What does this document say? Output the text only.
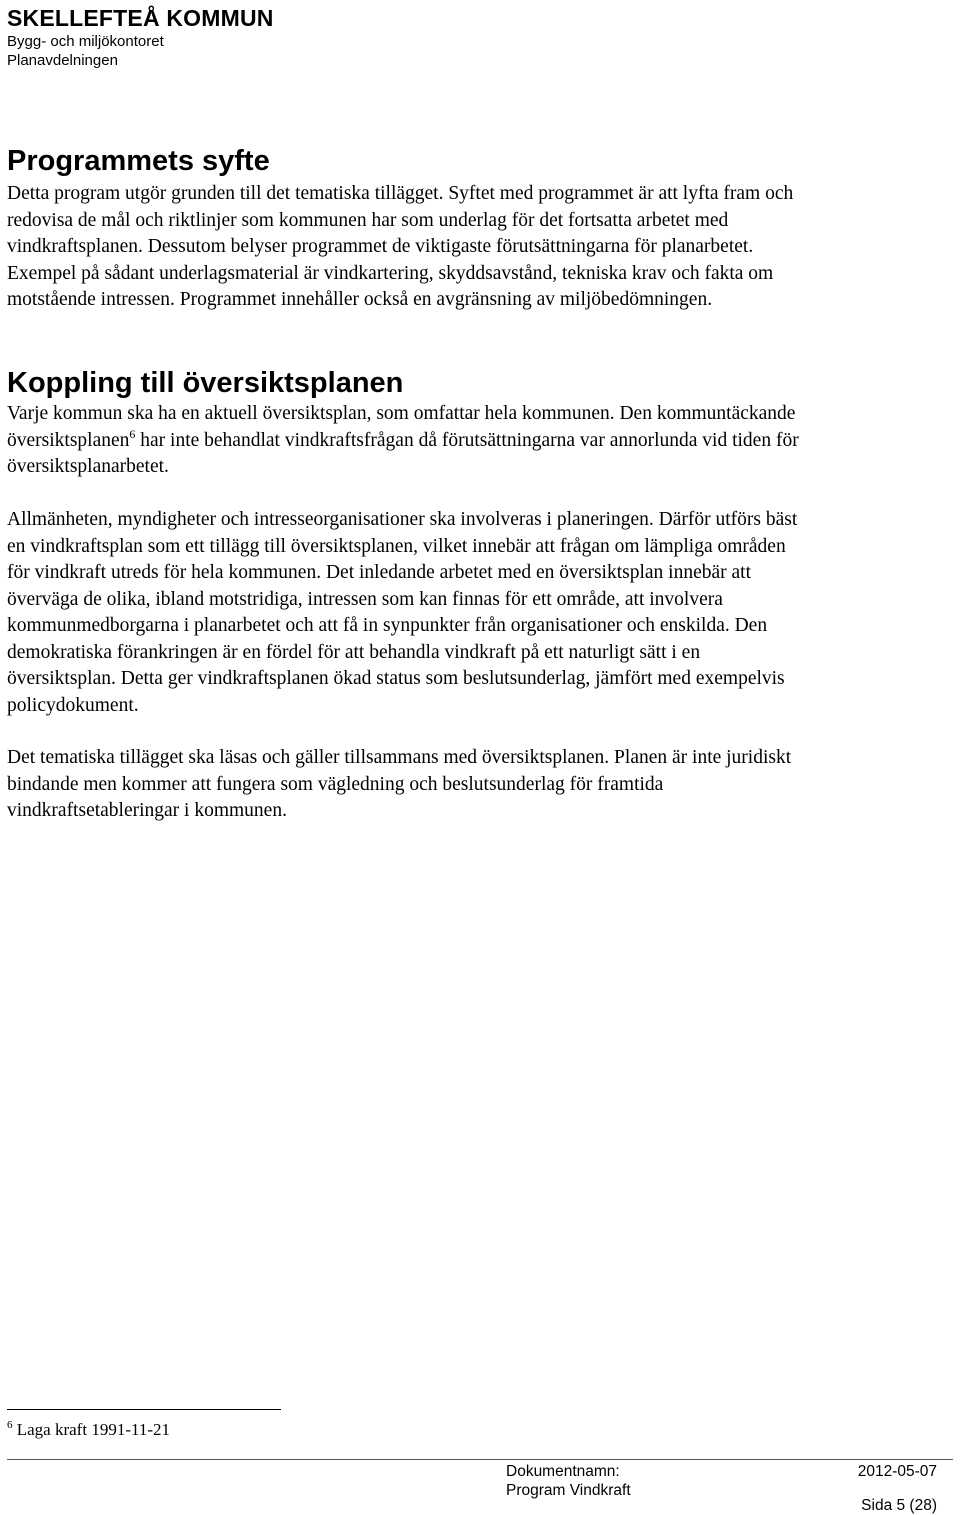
SKELLEFTEÅ KOMMUN
Bygg- och miljökontoret
Planavdelningen
Programmets syfte
Detta program utgör grunden till det tematiska tillägget. Syftet med programmet är att lyfta fram och
redovisa de mål och riktlinjer som kommunen har som underlag för det fortsatta arbetet med
vindkraftsplanen. Dessutom belyser programmet de viktigaste förutsättningarna för planarbetet.
Exempel på sådant underlagsmaterial är vindkartering, skyddsavstånd, tekniska krav och fakta om
motstående intressen. Programmet innehåller också en avgränsning av miljöbedömningen.
Koppling till översiktsplanen
Varje kommun ska ha en aktuell översiktsplan, som omfattar hela kommunen. Den kommuntäckande
översiktsplanen$^6$ har inte behandlat vindkraftsfrågan då förutsättningarna var annorlunda vid tiden för
översiktsplanarbetet.
Allmänheten, myndigheter och intresseorganisationer ska involveras i planeringen. Därför utförs bäst
en vindkraftsplan som ett tillägg till översiktsplanen, vilket innebär att frågan om lämpliga områden
för vindkraft utreds för hela kommunen. Det inledande arbetet med en översiktsplan innebär att
överväga de olika, ibland motstridiga, intressen som kan finnas för ett område, att involvera
kommunmedborgarna i planarbetet och att få in synpunkter från organisationer och enskilda. Den
demokratiska förankringen är en fördel för att behandla vindkraft på ett naturligt sätt i en
översiktsplan. Detta ger vindkraftsplanen ökad status som beslutsunderlag, jämfört med exempelvis
policydokument.
Det tematiska tillägget ska läsas och gäller tillsammans med översiktsplanen. Planen är inte juridiskt
bindande men kommer att fungera som vägledning och beslutsunderlag för framtida
vindkraftsetableringar i kommunen.
$^6$ Laga kraft 1991-11-21
Dokumentnamn:
Program Vindkraft
2012-05-07
Sida 5 (28)
